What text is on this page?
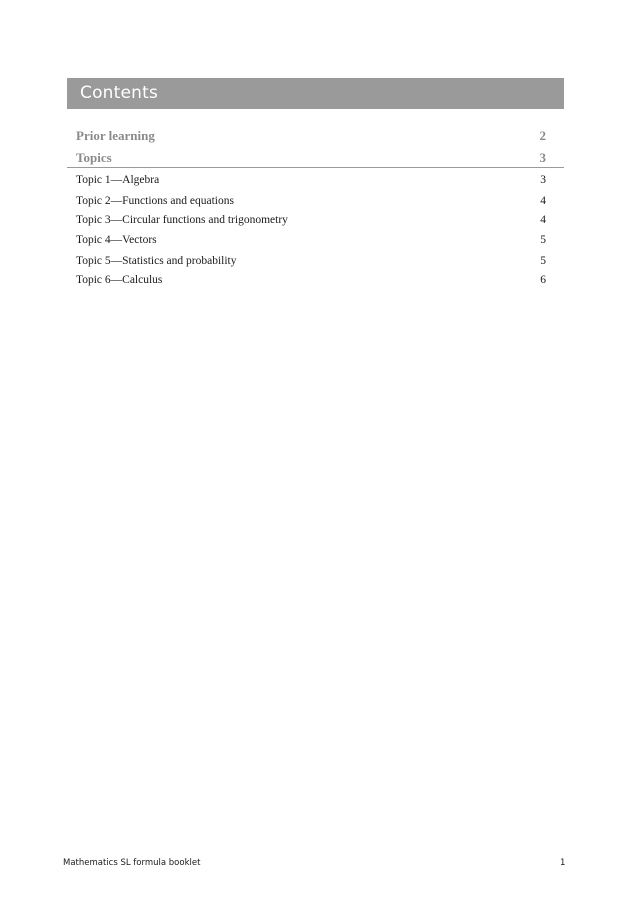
Contents
Prior learning	2
Topics	3
Topic 1—Algebra	3
Topic 2—Functions and equations	4
Topic 3—Circular functions and trigonometry	4
Topic 4—Vectors	5
Topic 5—Statistics and probability	5
Topic 6—Calculus	6
Mathematics SL formula booklet	1
